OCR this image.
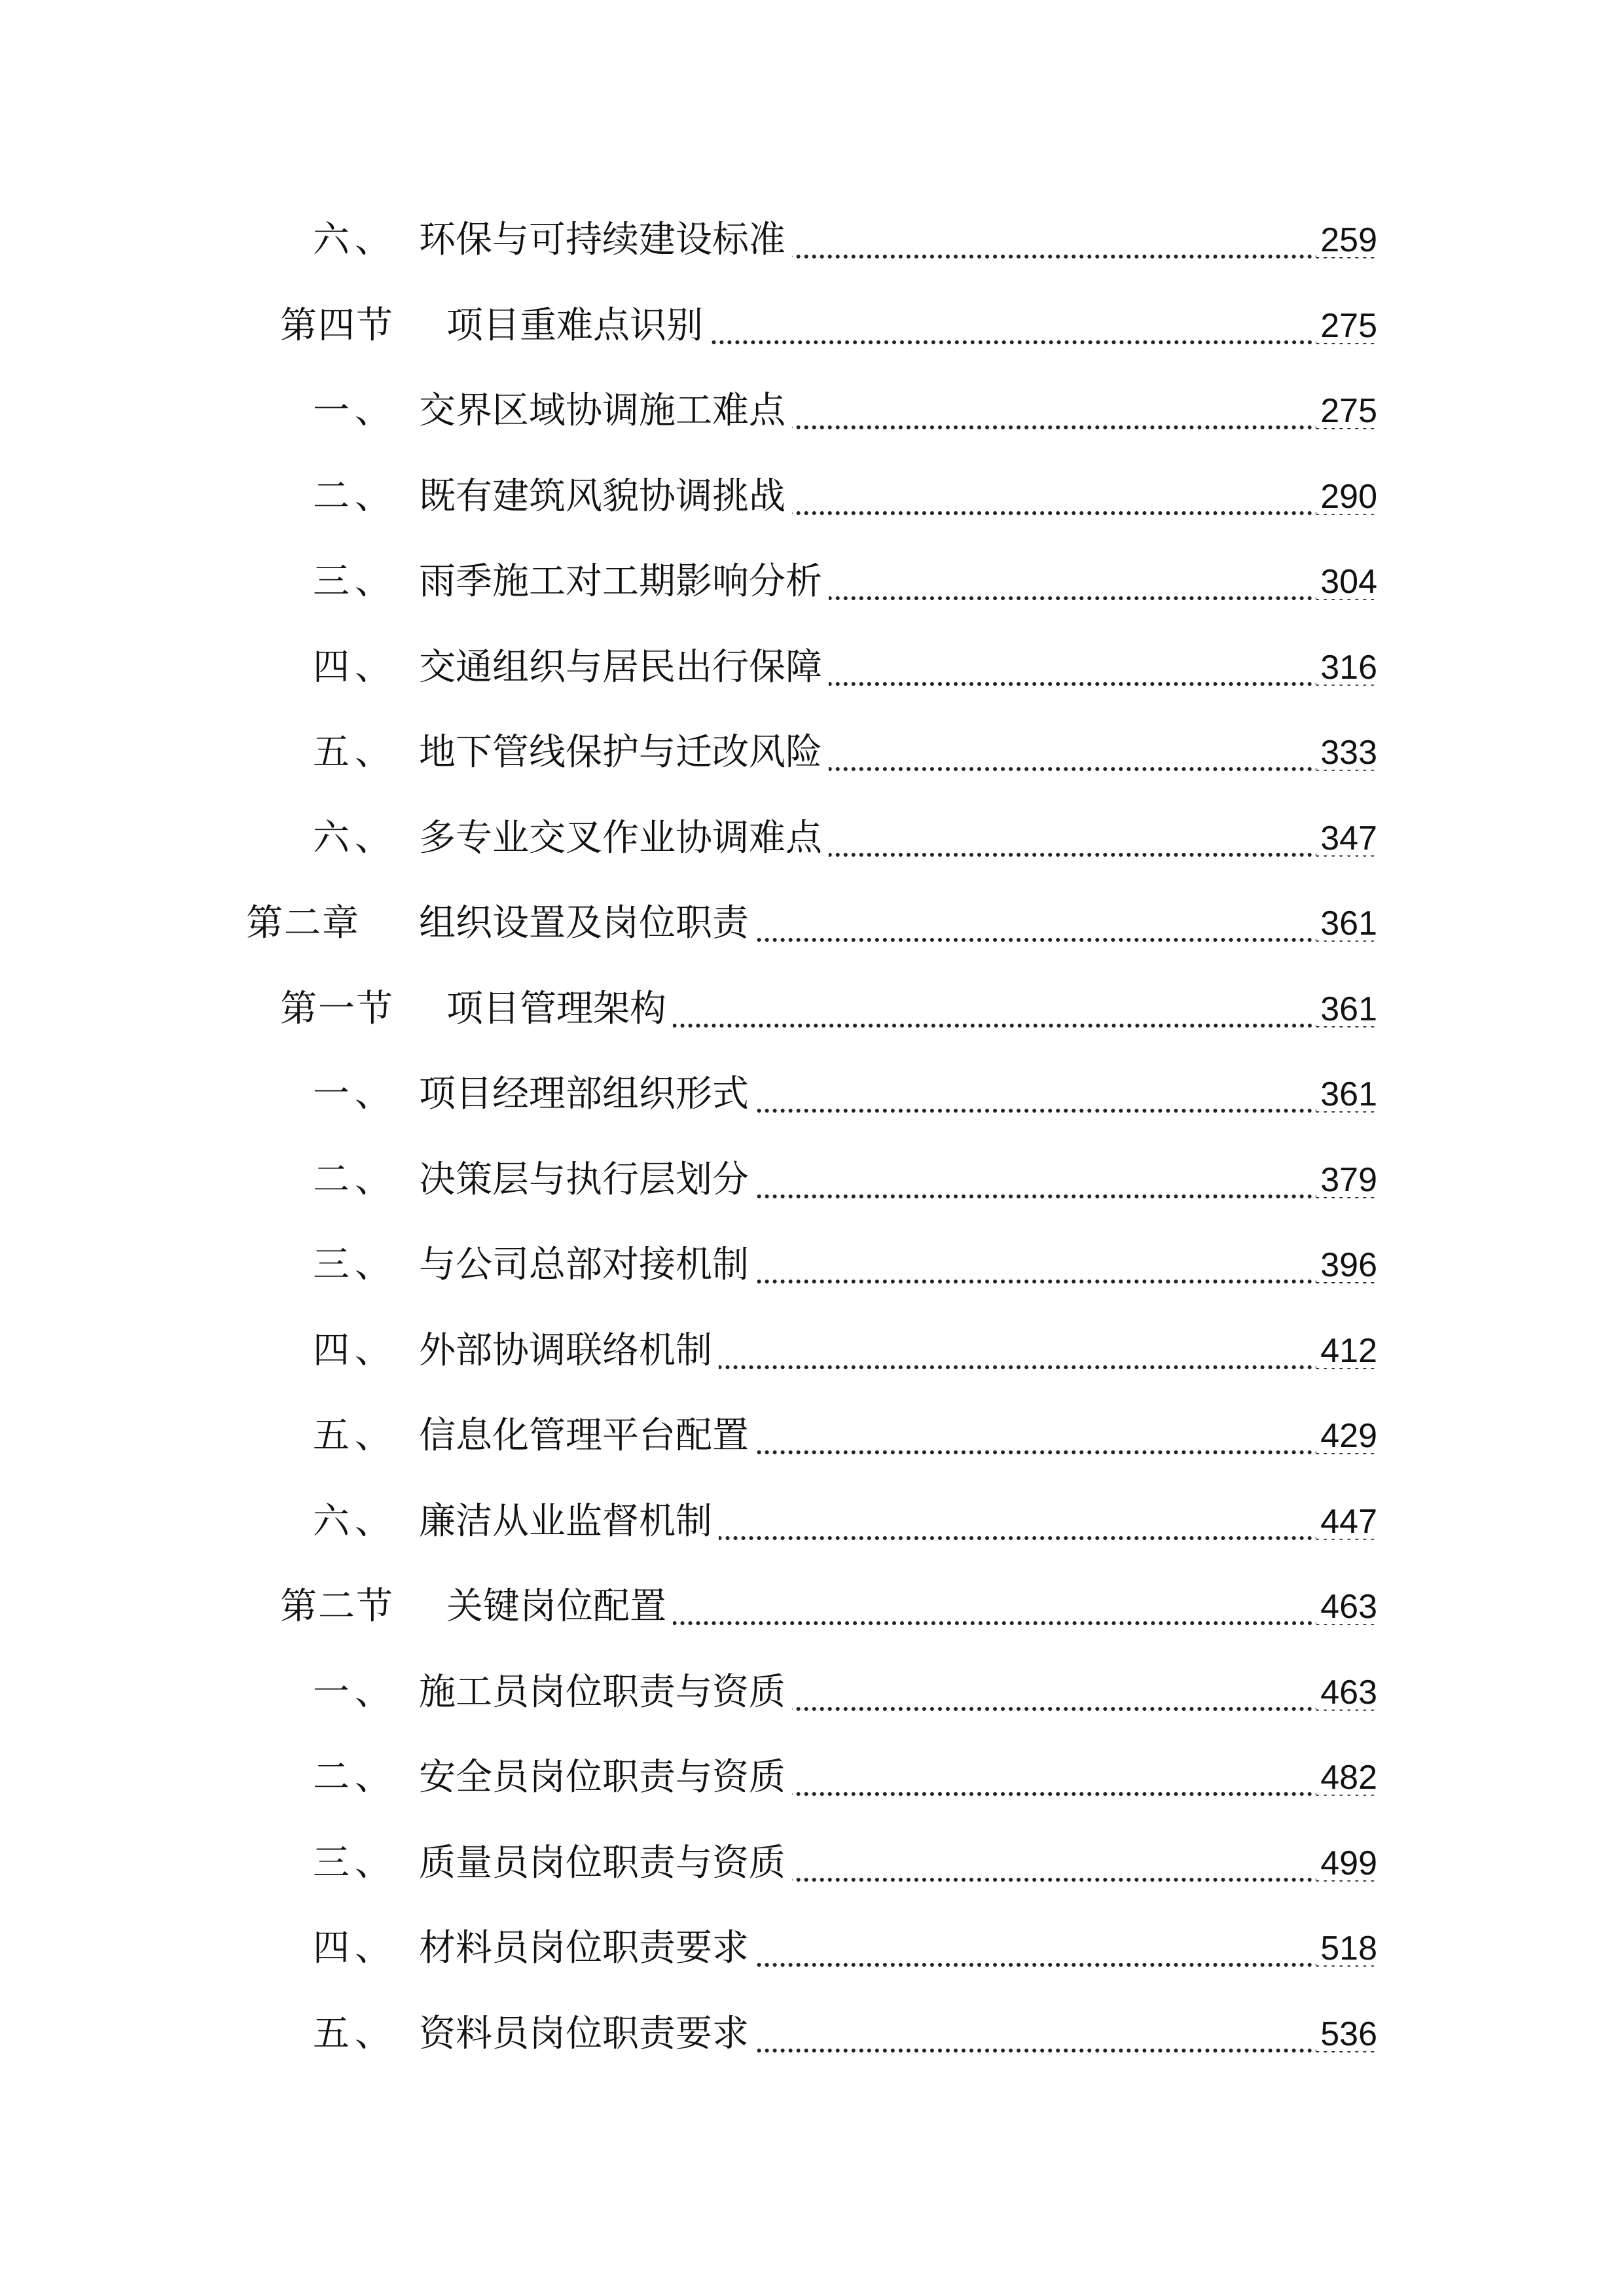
六、 环保与可持续建设标准	259
第四节 项目重难点识别	275
一、 交界区域协调施工难点	275
二、 既有建筑风貌协调挑战	290
三、 雨季施工对工期影响分析	304
四、 交通组织与居民出行保障	316
五、 地下管线保护与迁改风险	333
六、 多专业交叉作业协调难点	347
第二章 组织设置及岗位职责	361
第一节 项目管理架构	361
一、 项目经理部组织形式	361
二、 决策层与执行层划分	379
三、 与公司总部对接机制	396
四、 外部协调联络机制	412
五、 信息化管理平台配置	429
六、 廉洁从业监督机制	447
第二节 关键岗位配置	463
一、 施工员岗位职责与资质	463
二、 安全员岗位职责与资质	482
三、 质量员岗位职责与资质	499
四、 材料员岗位职责要求	518
五、 资料员岗位职责要求	536
